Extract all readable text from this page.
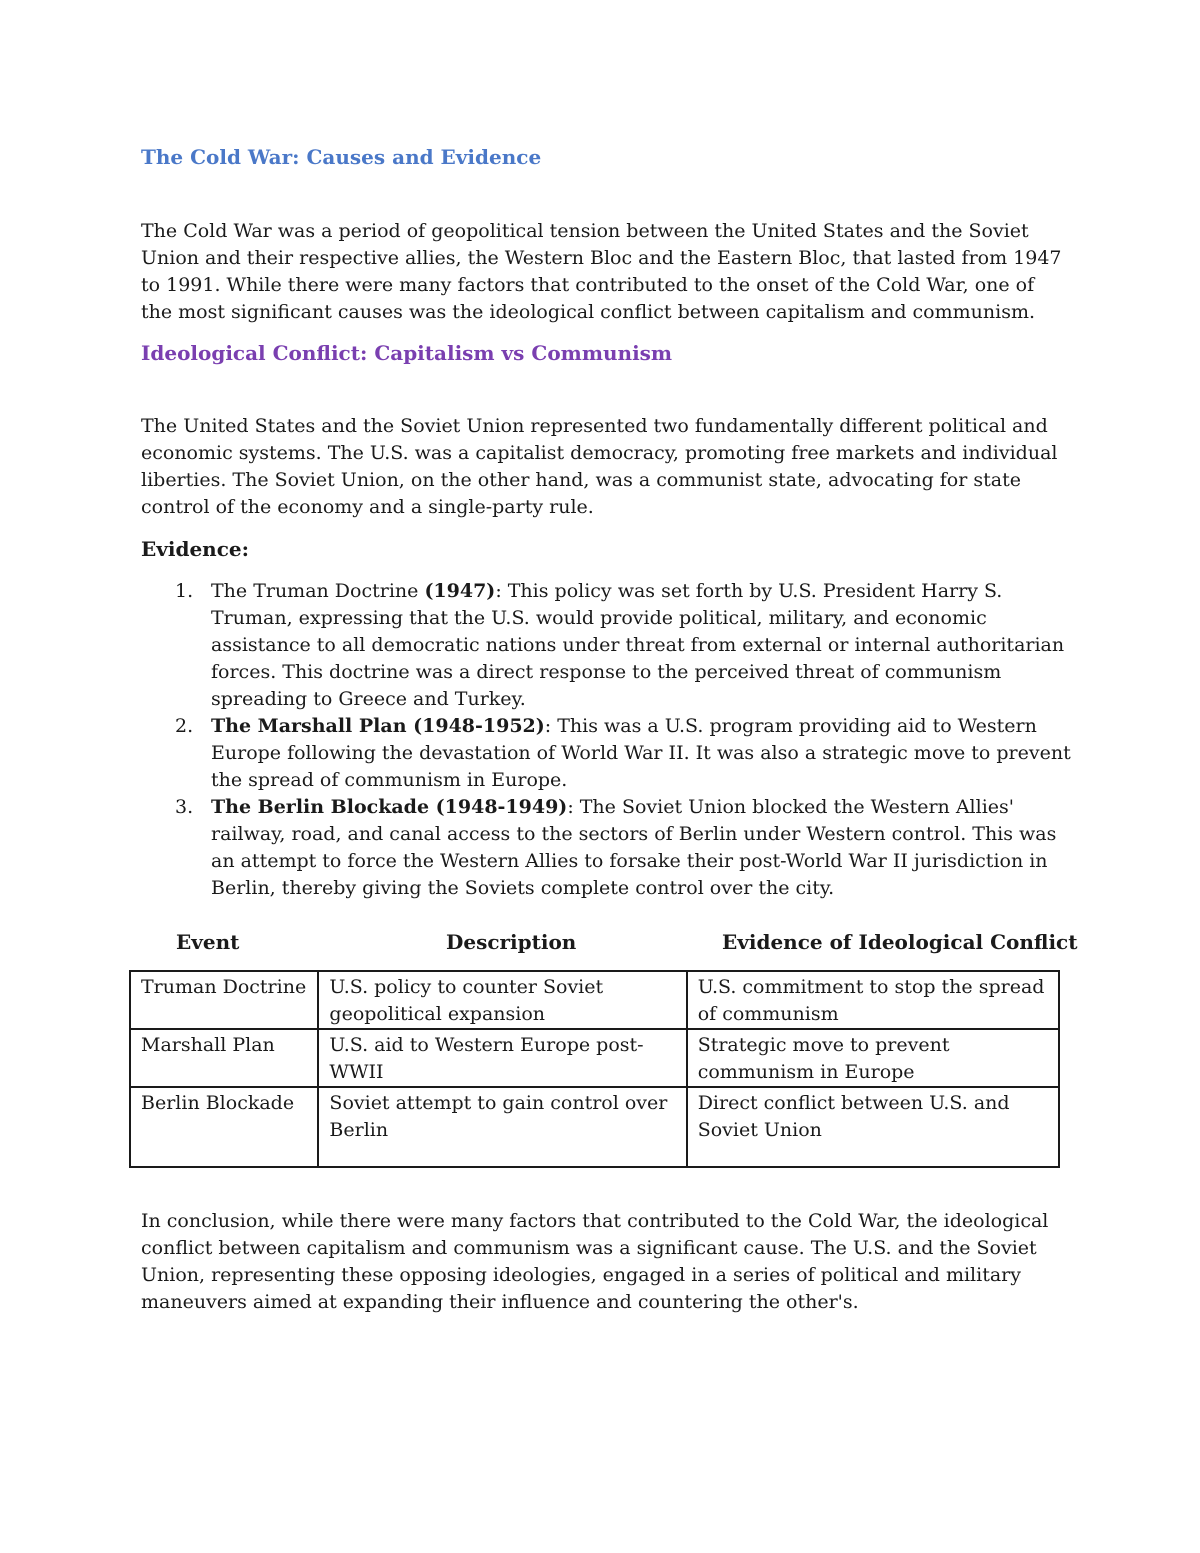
The Cold War: Causes and Evidence

The Cold War was a period of geopolitical tension between the United States and the Soviet Union and their respective allies, the Western Bloc and the Eastern Bloc, that lasted from 1947 to 1991. While there were many factors that contributed to the onset of the Cold War, one of the most significant causes was the ideological conflict between capitalism and communism.

Ideological Conflict: Capitalism vs Communism

The United States and the Soviet Union represented two fundamentally different political and economic systems. The U.S. was a capitalist democracy, promoting free markets and individual liberties. The Soviet Union, on the other hand, was a communist state, advocating for state control of the economy and a single-party rule.

Evidence:
1. The Truman Doctrine (1947): This policy was set forth by U.S. President Harry S. Truman, expressing that the U.S. would provide political, military, and economic assistance to all democratic nations under threat from external or internal authoritarian forces. This doctrine was a direct response to the perceived threat of communism spreading to Greece and Turkey.
2. The Marshall Plan (1948-1952): This was a U.S. program providing aid to Western Europe following the devastation of World War II. It was also a strategic move to prevent the spread of communism in Europe.
3. The Berlin Blockade (1948-1949): The Soviet Union blocked the Western Allies' railway, road, and canal access to the sectors of Berlin under Western control. This was an attempt to force the Western Allies to forsake their post-World War II jurisdiction in Berlin, thereby giving the Soviets complete control over the city.
Event	Description	Evidence of Ideological Conflict
Truman Doctrine	U.S. policy to counter Soviet geopolitical expansion	U.S. commitment to stop the spread of communism
Marshall Plan	U.S. aid to Western Europe post-WWII	Strategic move to prevent communism in Europe
Berlin Blockade	Soviet attempt to gain control over Berlin	Direct conflict between U.S. and Soviet Union

In conclusion, while there were many factors that contributed to the Cold War, the ideological conflict between capitalism and communism was a significant cause. The U.S. and the Soviet Union, representing these opposing ideologies, engaged in a series of political and military maneuvers aimed at expanding their influence and countering the other's.
